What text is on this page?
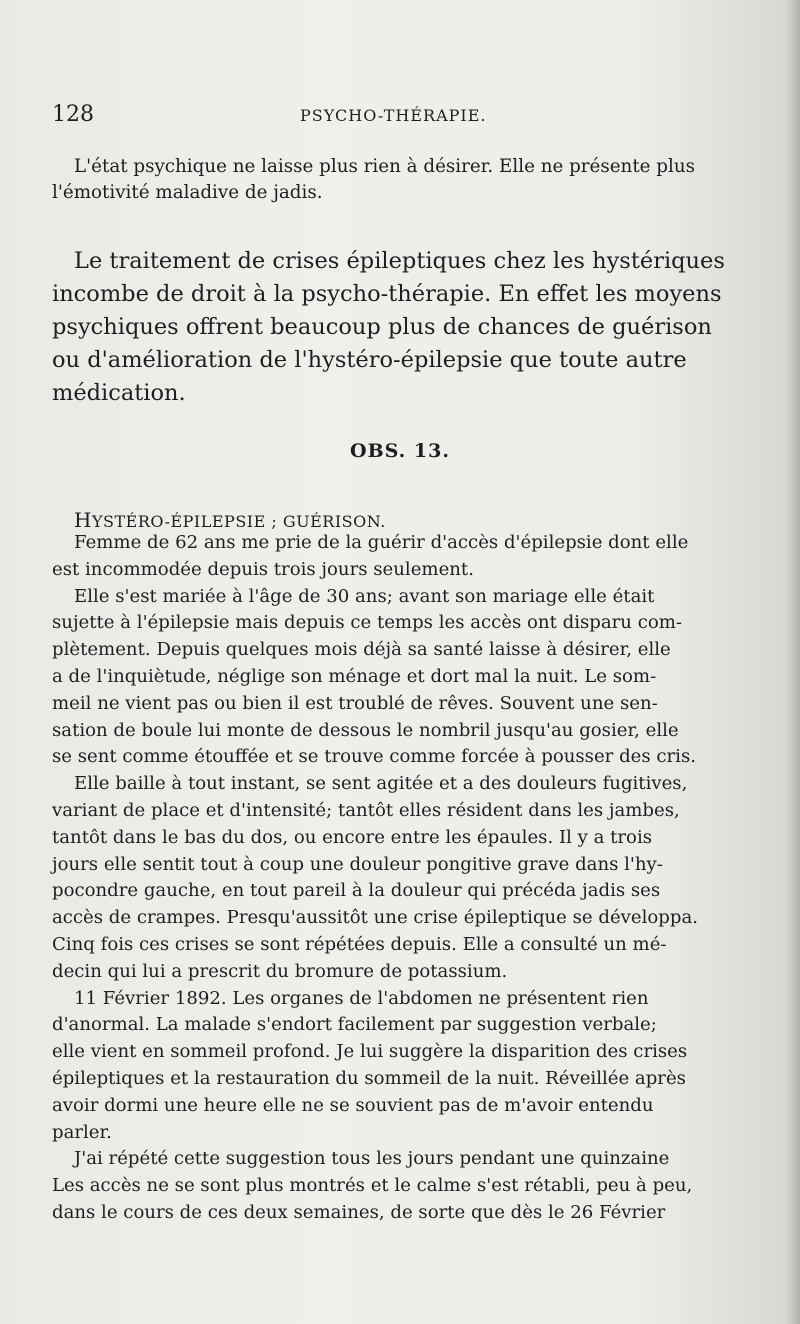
128	PSYCHO-THÉRAPIE.
L'état psychique ne laisse plus rien à désirer. Elle ne présente plus
l'émotivité maladive de jadis.
Le traitement de crises épileptiques chez les hystériques
incombe de droit à la psycho-thérapie. En effet les moyens
psychiques offrent beaucoup plus de chances de guérison
ou d'amélioration de l'hystéro-épilepsie que toute autre
médication.
OBS. 13.
HYSTÉRO-ÉPILEPSIE ; GUÉRISON.
Femme de 62 ans me prie de la guérir d'accès d'épilepsie dont elle
est incommodée depuis trois jours seulement.
Elle s'est mariée à l'âge de 30 ans; avant son mariage elle était
sujette à l'épilepsie mais depuis ce temps les accès ont disparu com-
plètement. Depuis quelques mois déjà sa santé laisse à désirer, elle
a de l'inquiètude, néglige son ménage et dort mal la nuit. Le som-
meil ne vient pas ou bien il est troublé de rêves. Souvent une sen-
sation de boule lui monte de dessous le nombril jusqu'au gosier, elle
se sent comme étouffée et se trouve comme forcée à pousser des cris.
Elle baille à tout instant, se sent agitée et a des douleurs fugitives,
variant de place et d'intensité; tantôt elles résident dans les jambes,
tantôt dans le bas du dos, ou encore entre les épaules. Il y a trois
jours elle sentit tout à coup une douleur pongitive grave dans l'hy-
pocondre gauche, en tout pareil à la douleur qui précéda jadis ses
accès de crampes. Presqu'aussitôt une crise épileptique se développa.
Cinq fois ces crises se sont répétées depuis. Elle a consulté un mé-
decin qui lui a prescrit du bromure de potassium.
11 Février 1892. Les organes de l'abdomen ne présentent rien
d'anormal. La malade s'endort facilement par suggestion verbale;
elle vient en sommeil profond. Je lui suggère la disparition des crises
épileptiques et la restauration du sommeil de la nuit. Réveillée après
avoir dormi une heure elle ne se souvient pas de m'avoir entendu
parler.
J'ai répété cette suggestion tous les jours pendant une quinzaine
Les accès ne se sont plus montrés et le calme s'est rétabli, peu à peu,
dans le cours de ces deux semaines, de sorte que dès le 26 Février
